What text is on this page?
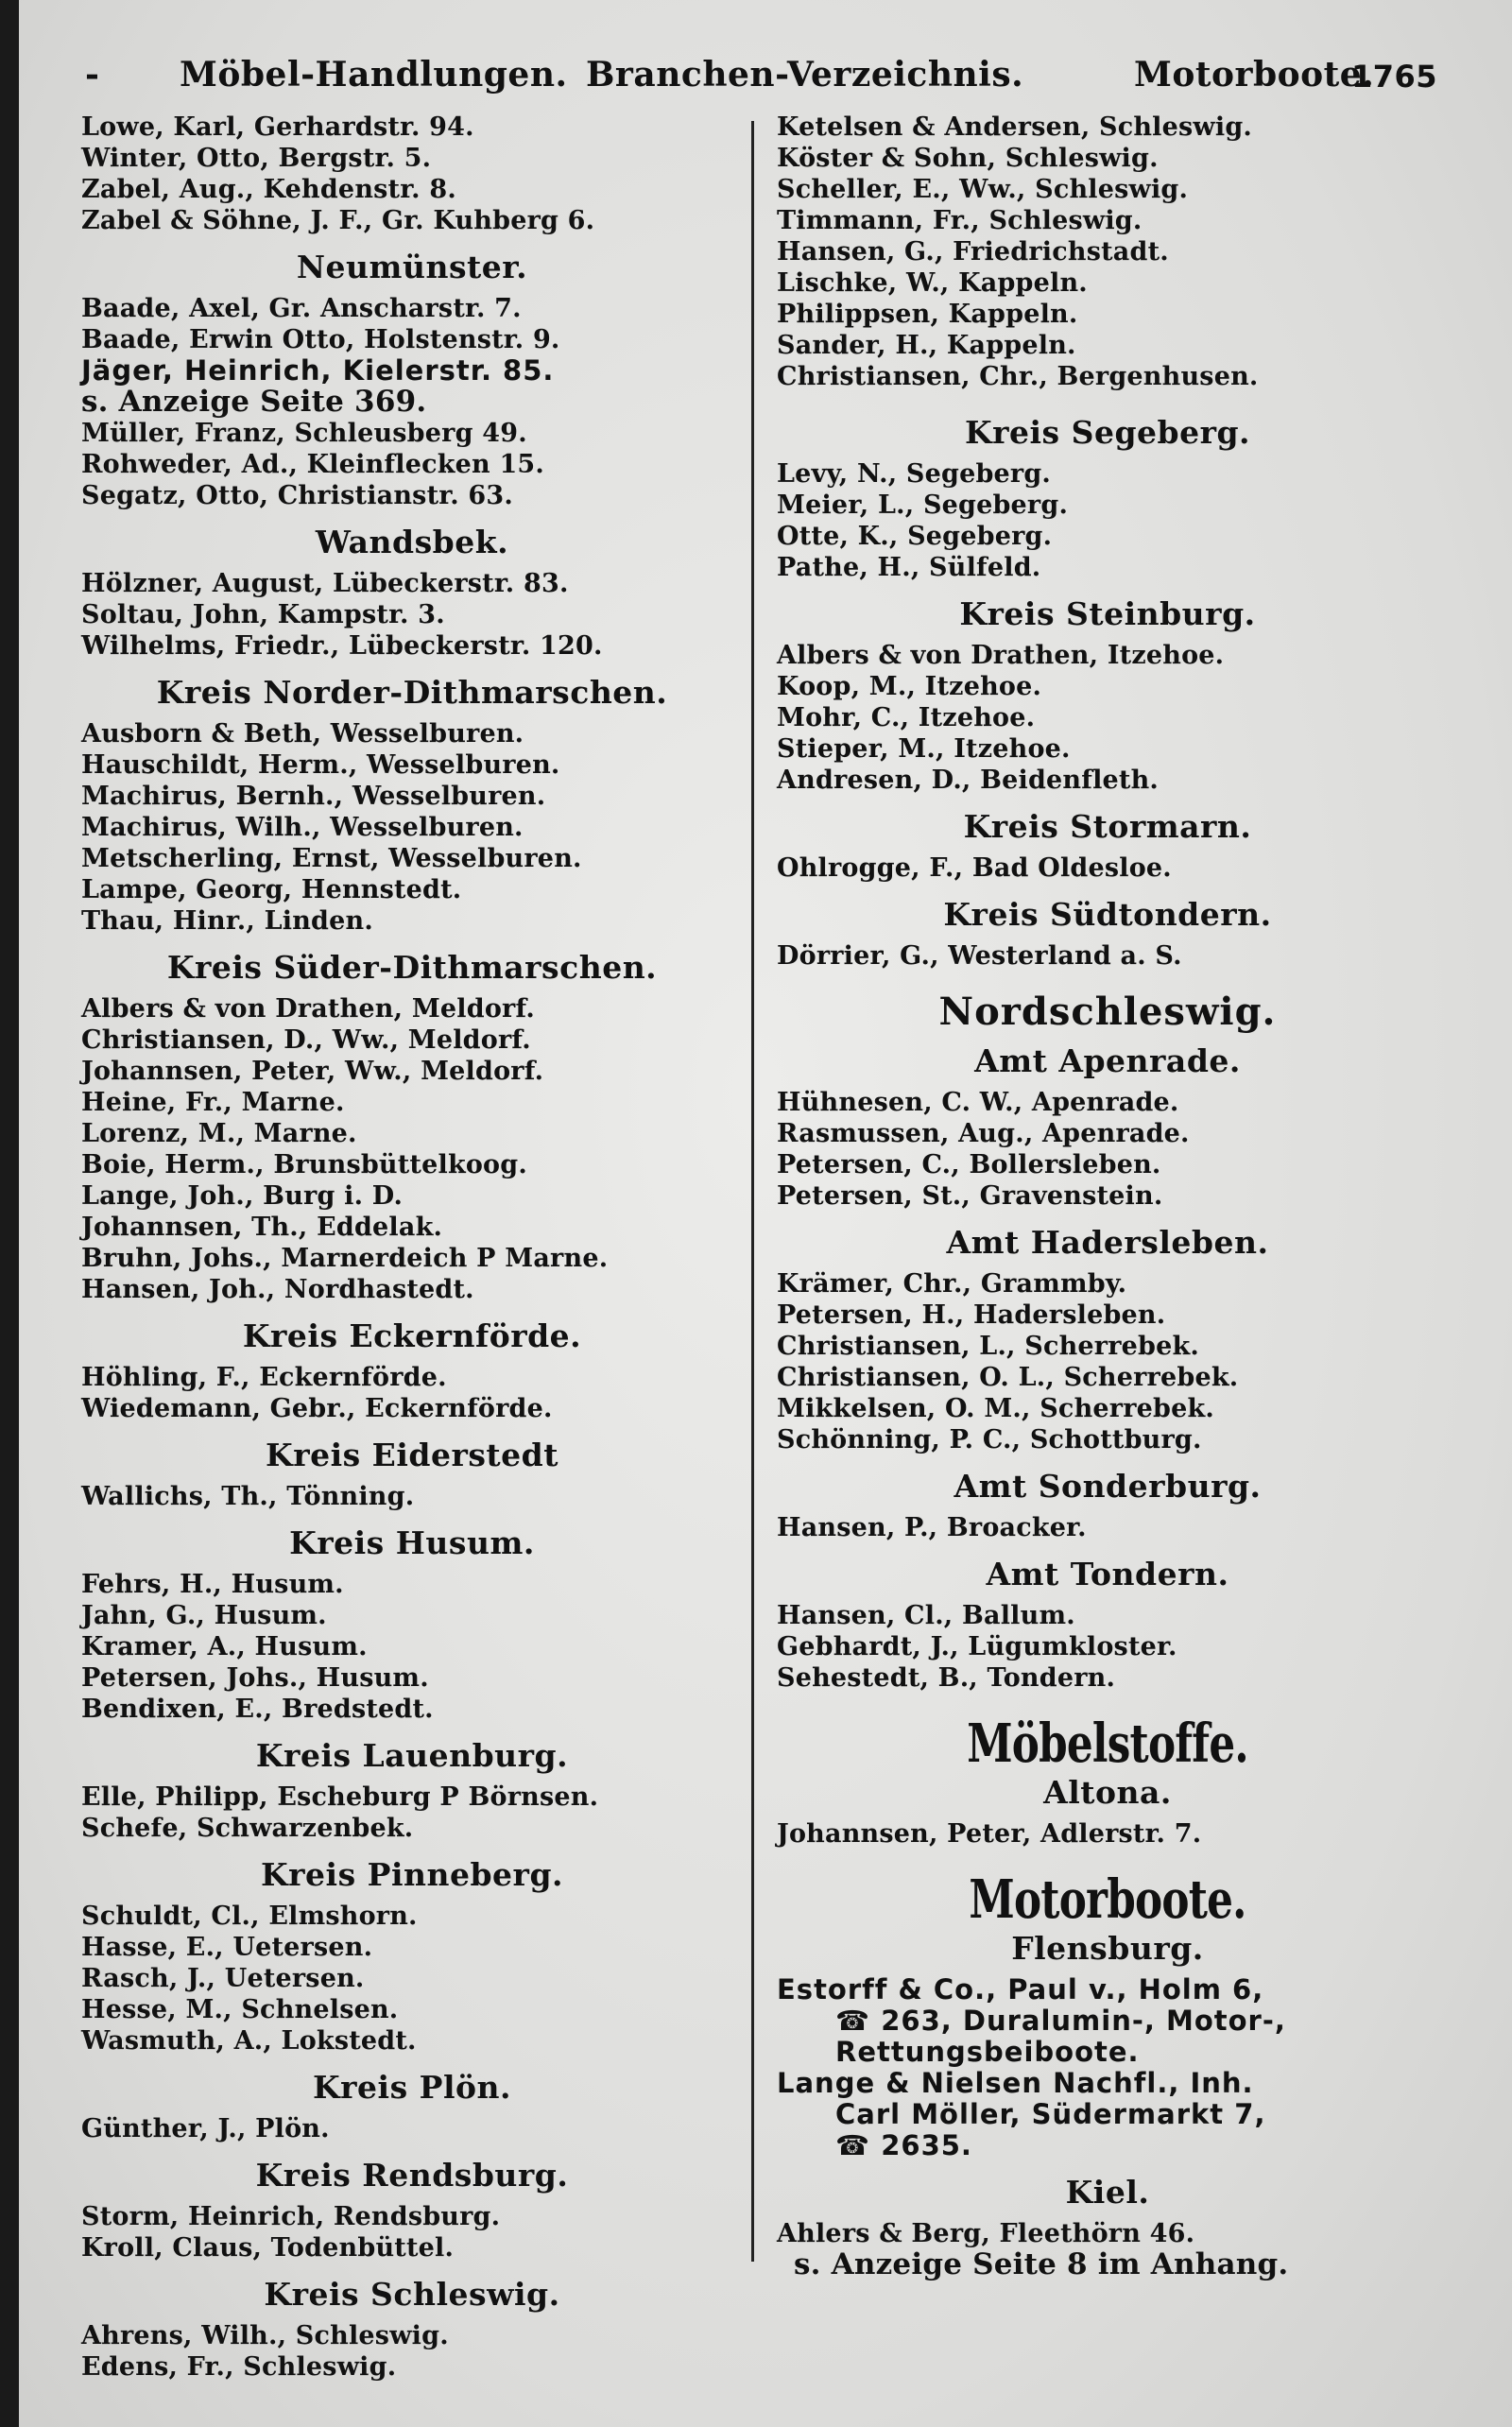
- Möbel-Handlungen. Branchen-Verzeichnis.	Motorboote.
1765
Lowe, Karl, Gerhardstr. 94.
Winter, Otto, Bergstr. 5.
Zabel, Aug., Kehdenstr. 8.
Zabel & Söhne, J. F., Gr. Kuhberg 6.
Neumünster.
Baade, Axel, Gr. Anscharstr. 7.
Baade, Erwin Otto, Holstenstr. 9.
Jäger, Heinrich, Kielerstr. 85.
s. Anzeige Seite 369.
Müller, Franz, Schleusberg 49.
Rohweder, Ad., Kleinflecken 15.
Segatz, Otto, Christianstr. 63.
Wandsbek.
Hölzner, August, Lübeckerstr. 83.
Soltau, John, Kampstr. 3.
Wilhelms, Friedr., Lübeckerstr. 120.
Kreis Norder-Dithmarschen.
Ausborn & Beth, Wesselburen.
Hauschildt, Herm., Wesselburen.
Machirus, Bernh., Wesselburen.
Machirus, Wilh., Wesselburen.
Metscherling, Ernst, Wesselburen.
Lampe, Georg, Hennstedt.
Thau, Hinr., Linden.
Kreis Süder-Dithmarschen.
Albers & von Drathen, Meldorf.
Christiansen, D., Ww., Meldorf.
Johannsen, Peter, Ww., Meldorf.
Heine, Fr., Marne.
Lorenz, M., Marne.
Boie, Herm., Brunsbüttelkoog.
Lange, Joh., Burg i. D.
Johannsen, Th., Eddelak.
Bruhn, Johs., Marnerdeich P Marne.
Hansen, Joh., Nordhastedt.
Kreis Eckernförde.
Höhling, F., Eckernförde.
Wiedemann, Gebr., Eckernförde.
Kreis Eiderstedt
Wallichs, Th., Tönning.
Kreis Husum.
Fehrs, H., Husum.
Jahn, G., Husum.
Kramer, A., Husum.
Petersen, Johs., Husum.
Bendixen, E., Bredstedt.
Kreis Lauenburg.
Elle, Philipp, Escheburg P Börnsen.
Schefe, Schwarzenbek.
Kreis Pinneberg.
Schuldt, Cl., Elmshorn.
Hasse, E., Uetersen.
Rasch, J., Uetersen.
Hesse, M., Schnelsen.
Wasmuth, A., Lokstedt.
Kreis Plön.
Günther, J., Plön.
Kreis Rendsburg.
Storm, Heinrich, Rendsburg.
Kroll, Claus, Todenbüttel.
Kreis Schleswig.
Ahrens, Wilh., Schleswig.
Edens, Fr., Schleswig.
Ketelsen & Andersen, Schleswig.
Köster & Sohn, Schleswig.
Scheller, E., Ww., Schleswig.
Timmann, Fr., Schleswig.
Hansen, G., Friedrichstadt.
Lischke, W., Kappeln.
Philippsen, Kappeln.
Sander, H., Kappeln.
Christiansen, Chr., Bergenhusen.
Kreis Segeberg.
Levy, N., Segeberg.
Meier, L., Segeberg.
Otte, K., Segeberg.
Pathe, H., Sülfeld.
Kreis Steinburg.
Albers & von Drathen, Itzehoe.
Koop, M., Itzehoe.
Mohr, C., Itzehoe.
Stieper, M., Itzehoe.
Andresen, D., Beidenfleth.
Kreis Stormarn.
Ohlrogge, F., Bad Oldesloe.
Kreis Südtondern.
Dörrier, G., Westerland a. S.
Nordschleswig.
Amt Apenrade.
Hühnesen, C. W., Apenrade.
Rasmussen, Aug., Apenrade.
Petersen, C., Bollersleben.
Petersen, St., Gravenstein.
Amt Hadersleben.
Krämer, Chr., Grammby.
Petersen, H., Hadersleben.
Christiansen, L., Scherrebek.
Christiansen, O. L., Scherrebek.
Mikkelsen, O. M., Scherrebek.
Schönning, P. C., Schottburg.
Amt Sonderburg.
Hansen, P., Broacker.
Amt Tondern.
Hansen, Cl., Ballum.
Gebhardt, J., Lügumkloster.
Sehestedt, B., Tondern.
Möbelstoffe.
Altona.
Johannsen, Peter, Adlerstr. 7.
Motorboote.
Flensburg.
Estorff & Co., Paul v., Holm 6,
☎ 263, Duralumin-, Motor-,
Rettungsbeiboote.
Lange & Nielsen Nachfl., Inh.
Carl Möller, Südermarkt 7,
☎ 2635.
Kiel.
Ahlers & Berg, Fleethörn 46.
s. Anzeige Seite 8 im Anhang.
